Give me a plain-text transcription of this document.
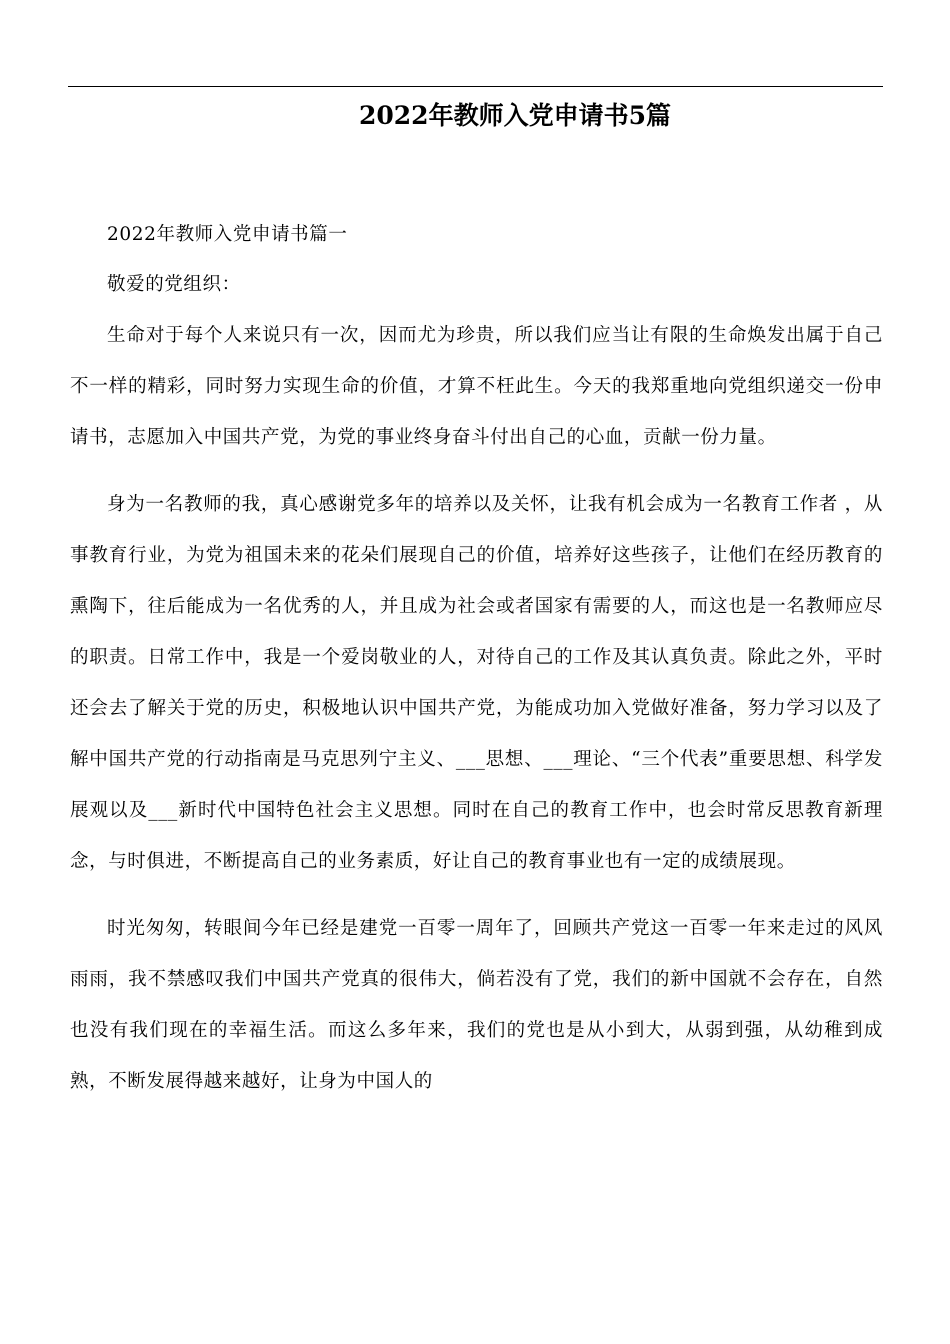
2022年教师入党申请书5篇

2022年教师入党申请书篇一

敬爱的党组织：

生命对于每个人来说只有一次，因而尤为珍贵，所以我们应当让有限的生命焕发出属于自己不一样的精彩，同时努力实现生命的价值，才算不枉此生。今天的我郑重地向党组织递交一份申请书，志愿加入中国共产党，为党的事业终身奋斗付出自己的心血，贡献一份力量。

身为一名教师的我，真心感谢党多年的培养以及关怀，让我有机会成为一名教育工作者 ，从事教育行业，为党为祖国未来的花朵们展现自己的价值，培养好这些孩子，让他们在经历教育的熏陶下，往后能成为一名优秀的人，并且成为社会或者国家有需要的人，而这也是一名教师应尽的职责。日常工作中，我是一个爱岗敬业的人，对待自己的工作及其认真负责。除此之外，平时还会去了解关于党的历史，积极地认识中国共产党，为能成功加入党做好准备，努力学习以及了解中国共产党的行动指南是马克思列宁主义、___思想、___理论、“三个代表”重要思想、科学发展观以及___新时代中国特色社会主义思想。同时在自己的教育工作中，也会时常反思教育新理念，与时俱进，不断提高自己的业务素质，好让自己的教育事业也有一定的成绩展现。

时光匆匆，转眼间今年已经是建党一百零一周年了，回顾共产党这一百零一年来走过的风风雨雨，我不禁感叹我们中国共产党真的很伟大，倘若没有了党，我们的新中国就不会存在，自然也没有我们现在的幸福生活。而这么多年来，我们的党也是从小到大，从弱到强，从幼稚到成熟，不断发展得越来越好，让身为中国人的
